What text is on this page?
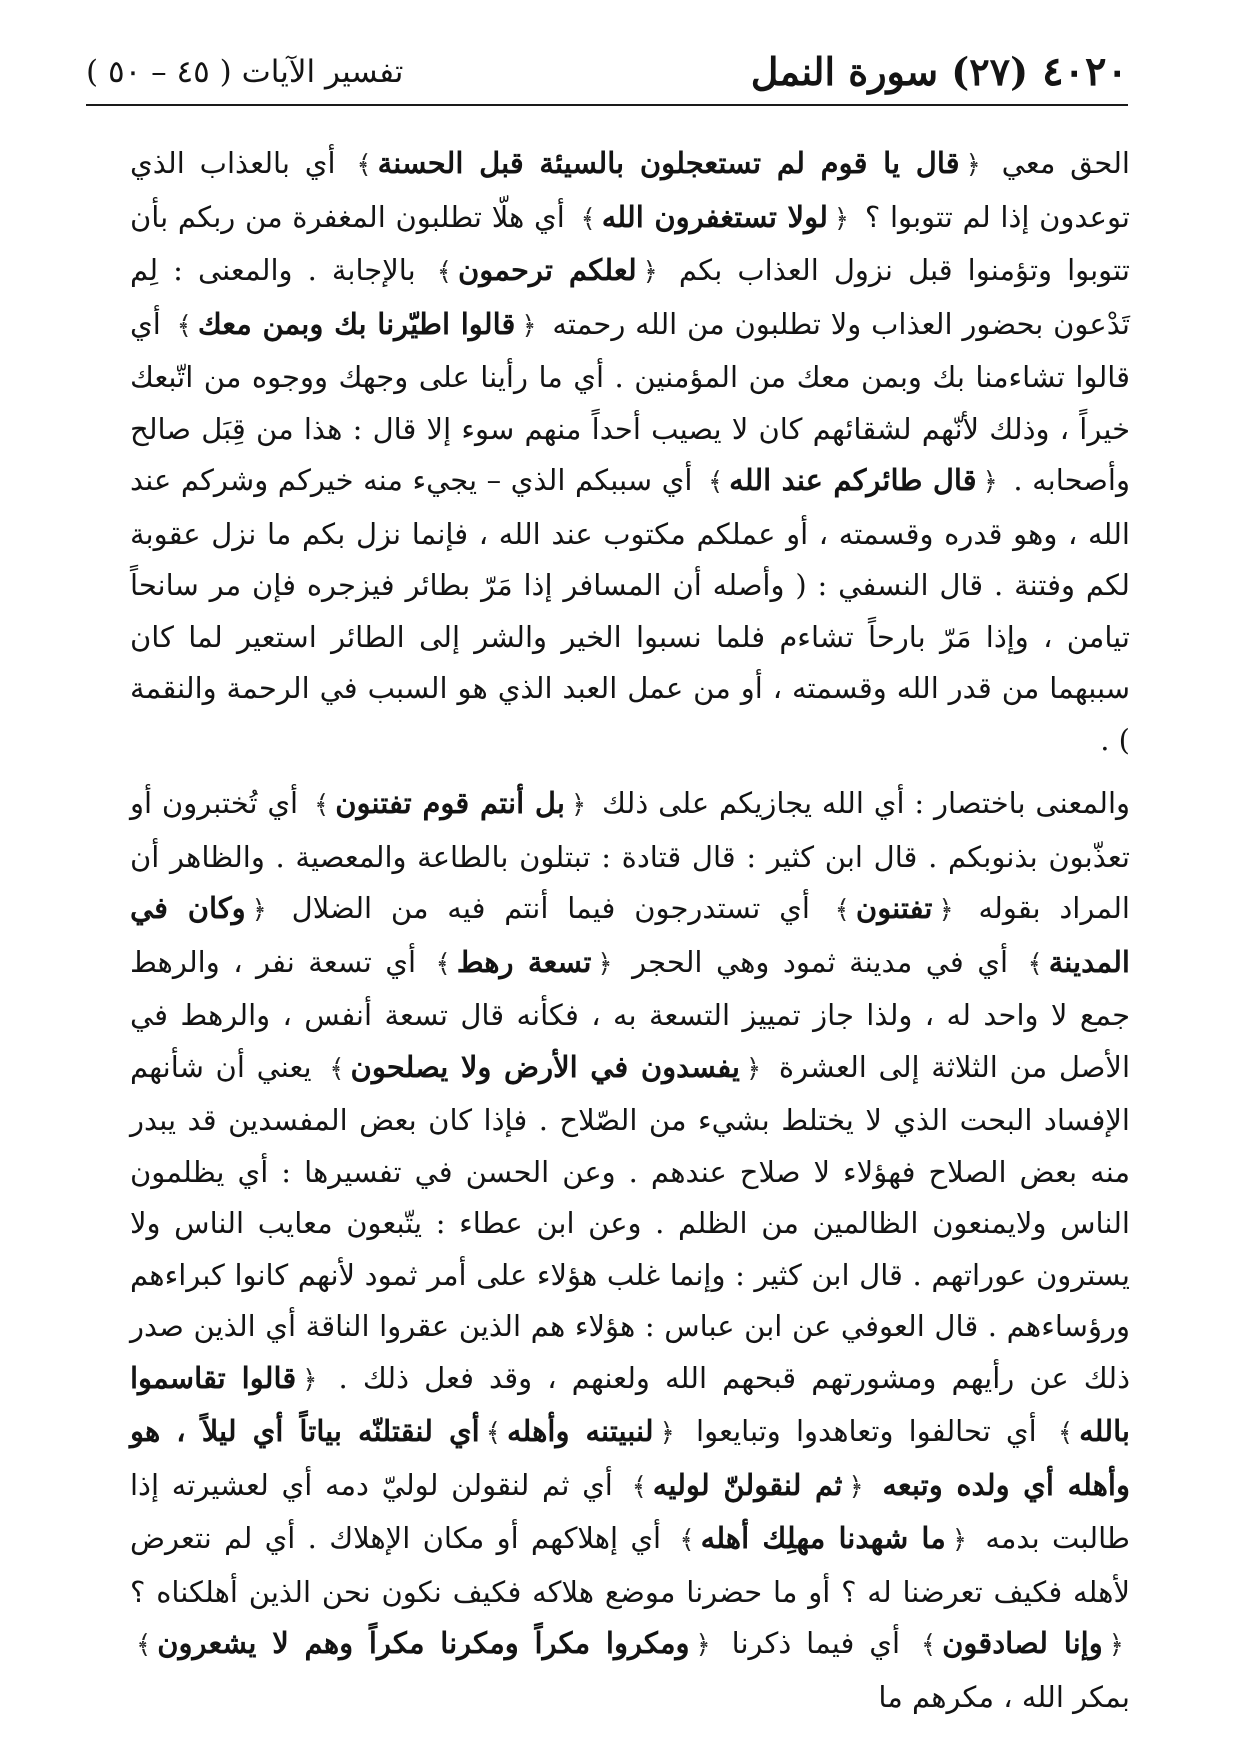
٤٠٢٠(٢٧) سورة النمل
تفسير الآيات ( ٤٥ – ٥٠ )

الحق معي ﴿قال يا قوم لم تستعجلون بالسيئة قبل الحسنة﴾ أي بالعذاب الذي توعدون إذا لم تتوبوا ؟ ﴿لولا تستغفرون الله﴾ أي هلّا تطلبون المغفرة من ربكم بأن تتوبوا وتؤمنوا قبل نزول العذاب بكم ﴿لعلكم ترحمون﴾ بالإجابة . والمعنى : لِم تَدْعون بحضور العذاب ولا تطلبون من الله رحمته ﴿قالوا اطيّرنا بك وبمن معك﴾ أي قالوا تشاءمنا بك وبمن معك من المؤمنين . أي ما رأينا على وجهك ووجوه من اتّبعك خيراً ، وذلك لأنّهم لشقائهم كان لا يصيب أحداً منهم سوء إلا قال : هذا من قِبَل صالح وأصحابه . ﴿قال طائركم عند الله﴾ أي سببكم الذي – يجيء منه خيركم وشركم عند الله ، وهو قدره وقسمته ، أو عملكم مكتوب عند الله ، فإنما نزل بكم ما نزل عقوبة لكم وفتنة . قال النسفي : ( وأصله أن المسافر إذا مَرّ بطائر فيزجره فإن مر سانحاً تيامن ، وإذا مَرّ بارحاً تشاءم فلما نسبوا الخير والشر إلى الطائر استعير لما كان سببهما من قدر الله وقسمته ، أو من عمل العبد الذي هو السبب في الرحمة والنقمة ) .

والمعنى باختصار : أي الله يجازيكم على ذلك ﴿بل أنتم قوم تفتنون﴾ أي تُختبرون أو تعذّبون بذنوبكم . قال ابن كثير : قال قتادة : تبتلون بالطاعة والمعصية . والظاهر أن المراد بقوله ﴿تفتنون﴾ أي تستدرجون فيما أنتم فيه من الضلال ﴿وكان في المدينة﴾ أي في مدينة ثمود وهي الحجر ﴿تسعة رهط﴾ أي تسعة نفر ، والرهط جمع لا واحد له ، ولذا جاز تمييز التسعة به ، فكأنه قال تسعة أنفس ، والرهط في الأصل من الثلاثة إلى العشرة ﴿يفسدون في الأرض ولا يصلحون﴾ يعني أن شأنهم الإفساد البحت الذي لا يختلط بشيء من الصّلاح . فإذا كان بعض المفسدين قد يبدر منه بعض الصلاح فهؤلاء لا صلاح عندهم . وعن الحسن في تفسيرها : أي يظلمون الناس ولايمنعون الظالمين من الظلم . وعن ابن عطاء : يتّبعون معايب الناس ولا يسترون عوراتهم . قال ابن كثير : وإنما غلب هؤلاء على أمر ثمود لأنهم كانوا كبراءهم ورؤساءهم . قال العوفي عن ابن عباس : هؤلاء هم الذين عقروا الناقة أي الذين صدر ذلك عن رأيهم ومشورتهم قبحهم الله ولعنهم ، وقد فعل ذلك . ﴿قالوا تقاسموا بالله﴾ أي تحالفوا وتعاهدوا وتبايعوا ﴿لنبيتنه وأهله﴾أي لنقتلنّه بياتاً أي ليلاً ، هو وأهله أي ولده وتبعه ﴿ثم لنقولنّ لوليه﴾ أي ثم لنقولن لوليّ دمه أي لعشيرته إذا طالبت بدمه ﴿ما شهدنا مهلِك أهله﴾ أي إهلاكهم أو مكان الإهلاك . أي لم نتعرض لأهله فكيف تعرضنا له ؟ أو ما حضرنا موضع هلاكه فكيف نكون نحن الذين أهلكناه ؟ ﴿وإنا لصادقون﴾ أي فيما ذكرنا ﴿ومكروا مكراً ومكرنا مكراً وهم لا يشعرون﴾ بمكر الله ، مكرهم ما
